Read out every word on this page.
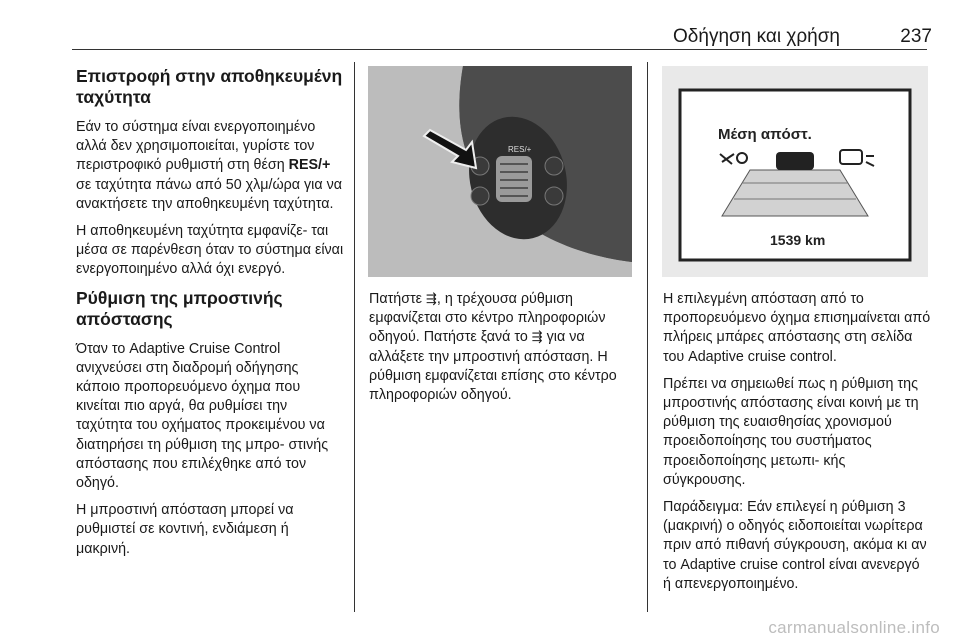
Οδήγηση και χρήση	237
Επιστροφή στην αποθηκευμένη ταχύτητα

Εάν το σύστημα είναι ενεργοποιημένο αλλά δεν χρησιμοποιείται, γυρίστε τον περιστροφικό ρυθμιστή στη θέση RES/+ σε ταχύτητα πάνω από 50 χλμ/ώρα για να ανακτήσετε την αποθηκευμένη ταχύτητα.

Η αποθηκευμένη ταχύτητα εμφανίζε‐ ται μέσα σε παρένθεση όταν το σύστημα είναι ενεργοποιημένο αλλά όχι ενεργό.

Ρύθμιση της μπροστινής απόστασης

Όταν το Adaptive Cruise Control ανιχνεύσει στη διαδρομή οδήγησης κάποιο προπορευόμενο όχημα που κινείται πιο αργά, θα ρυθμίσει την ταχύτητα του οχήματος προκειμένου να διατηρήσει τη ρύθμιση της μπρο‐ στινής απόστασης που επιλέχθηκε από τον οδηγό.

Η μπροστινή απόσταση μπορεί να ρυθμιστεί σε κοντινή, ενδιάμεση ή μακρινή.

RES/+
Μέση απόστ.
1539 km

Πατήστε ⇶, η τρέχουσα ρύθμιση εμφανίζεται στο κέντρο πληροφοριών οδηγού. Πατήστε ξανά το ⇶ για να αλλάξετε την μπροστινή απόσταση. Η ρύθμιση εμφανίζεται επίσης στο κέντρο πληροφοριών οδηγού.

Η επιλεγμένη απόσταση από το προπορευόμενο όχημα επισημαίνεται από πλήρεις μπάρες απόστασης στη σελίδα του Adaptive cruise control.

Πρέπει να σημειωθεί πως η ρύθμιση της μπροστινής απόστασης είναι κοινή με τη ρύθμιση της ευαισθησίας χρονισμού προειδοποίησης του συστήματος προειδοποίησης μετωπι‐ κής σύγκρουσης.

Παράδειγμα: Εάν επιλεγεί η ρύθμιση 3 (μακρινή) ο οδηγός ειδοποιείται νωρίτερα πριν από πιθανή σύγκρουση, ακόμα κι αν το Adaptive cruise control είναι ανενεργό ή απενεργοποιημένο.

carmanualsonline.info
